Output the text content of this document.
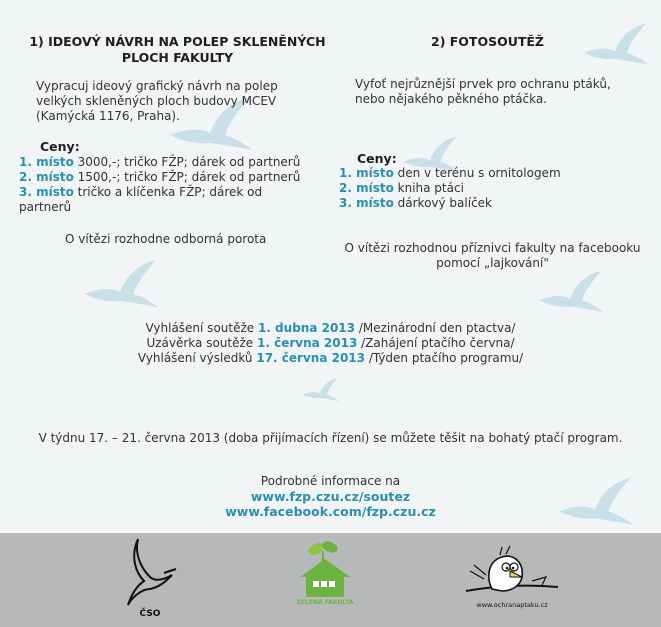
1) IDEOVÝ NÁVRH NA POLEP SKLENĚNÝCH
PLOCH FAKULTY
Vypracuj ideový grafický návrh na polep
velkých skleněných ploch budovy MCEV
(Kamýcká 1176, Praha).
Ceny:
1. místo 3000,-; tričko FŽP; dárek od partnerů
2. místo 1500,-; tričko FŽP; dárek od partnerů
3. místo tričko a klíčenka FŽP; dárek od
partnerů
O vítězi rozhodne odborná porota
2) FOTOSOUTĚŽ
Vyfoť nejrůznější prvek pro ochranu ptáků,
nebo nějakého pěkného ptáčka.
Ceny:
1. místo den v terénu s ornitologem
2. místo kniha ptáci
3. místo dárkový balíček
O vítězi rozhodnou příznivci fakulty na facebooku
pomocí „lajkování"
Vyhlášení soutěže 1. dubna 2013 /Mezinárodní den ptactva/
Uzávěrka soutěže 1. června 2013 /Zahájení ptačího června/
Vyhlášení výsledků 17. června 2013 /Týden ptačího programu/
V týdnu 17. – 21. června 2013 (doba přijímacích řízení) se můžete těšit na bohatý ptačí program.
Podrobné informace na
www.fzp.czu.cz/soutez
www.facebook.com/fzp.czu.cz
ČSO
ZELENÁ FAKULTA	www.ochranaptaku.cz
